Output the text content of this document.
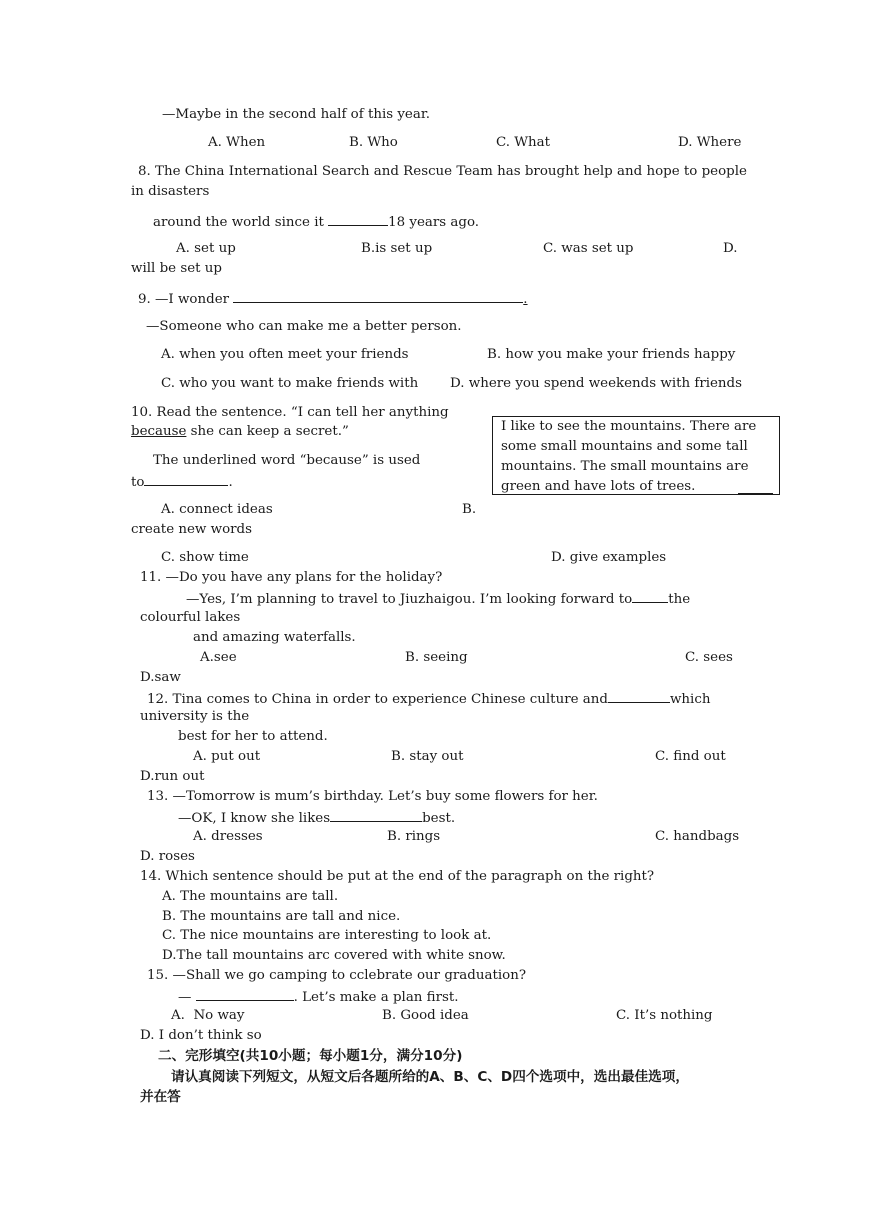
—Maybe in the second half of this year.

A. When	B. Who	C. What	D. Where

8. The China International Search and Rescue Team has brought help and hope to people

in disasters

around the world since it	18 years ago.

A. set up	B.is set up	C. was set up	D.

will be set up

9. —I wonder	.

—Someone who can make me a better person.

A. when you often meet your friends	B. how you make your friends happy

C. who you want to make friends with D. where you spend weekends with friends

10. Read the sentence. “I can tell her anything

because she can keep a secret.”

The underlined word “because” is used

to	.

A. connect ideas	B.

create new words

C. show time	D. give examples

I like to see the mountains. There are
some small mountains and some tall
mountains. The small mountains are
green and have lots of trees.

11. —Do you have any plans for the holiday?

—Yes, I’m planning to travel to Jiuzhaigou. I’m looking forward to	the

colourful lakes

and amazing waterfalls.

A.see	B. seeing	C. sees

D.saw

12. Tina comes to China in order to experience Chinese culture and	which

university is the

best for her to attend.

A. put out	B. stay out	C. find out

D.run out

13. —Tomorrow is mum’s birthday. Let’s buy some flowers for her.

—OK, I know she likes	best.

A. dresses	B. rings	C. handbags

D. roses

14. Which sentence should be put at the end of the paragraph on the right?

A. The mountains are tall.

B. The mountains are tall and nice.

C. The nice mountains are interesting to look at.

D.The tall mountains arc covered with white snow.

15. —Shall we go camping to cclebrate our graduation?

—	. Let’s make a plan first.

A.  No way	B. Good idea	C. It’s nothing

D. I don’t think so

二、完形填空(共10小题；每小题1分，满分10分)

请认真阅读下列短文，从短文后各题所给的A、B、C、D四个选项中，选出最佳选项，

并在答
